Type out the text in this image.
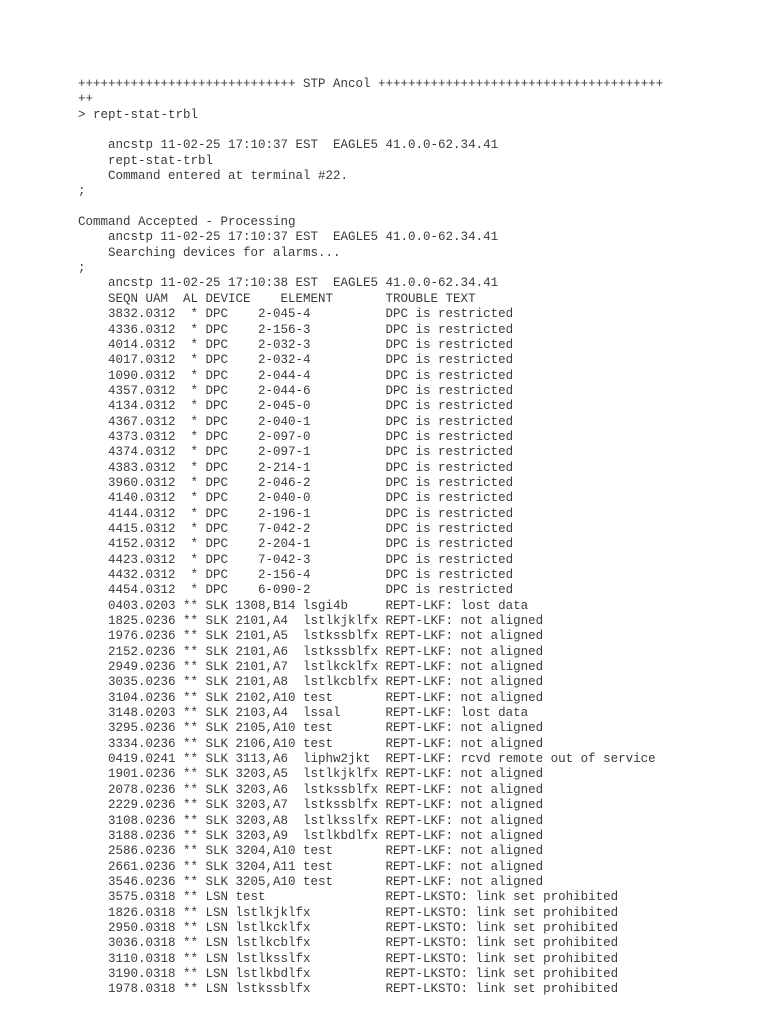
+++++++++++++++++++++++++++++ STP Ancol ++++++++++++++++++++++++++++++++++++++
++
> rept-stat-trbl
ancstp 11-02-25 17:10:37 EST  EAGLE5 41.0.0-62.34.41
rept-stat-trbl
Command entered at terminal #22.
;
Command Accepted - Processing
ancstp 11-02-25 17:10:37 EST  EAGLE5 41.0.0-62.34.41
Searching devices for alarms...
;
ancstp 11-02-25 17:10:38 EST  EAGLE5 41.0.0-62.34.41
SEQN UAM  AL DEVICE    ELEMENT       TROUBLE TEXT
3832.0312  * DPC    2-045-4          DPC is restricted
4336.0312  * DPC    2-156-3          DPC is restricted
4014.0312  * DPC    2-032-3          DPC is restricted
4017.0312  * DPC    2-032-4          DPC is restricted
1090.0312  * DPC    2-044-4          DPC is restricted
4357.0312  * DPC    2-044-6          DPC is restricted
4134.0312  * DPC    2-045-0          DPC is restricted
4367.0312  * DPC    2-040-1          DPC is restricted
4373.0312  * DPC    2-097-0          DPC is restricted
4374.0312  * DPC    2-097-1          DPC is restricted
4383.0312  * DPC    2-214-1          DPC is restricted
3960.0312  * DPC    2-046-2          DPC is restricted
4140.0312  * DPC    2-040-0          DPC is restricted
4144.0312  * DPC    2-196-1          DPC is restricted
4415.0312  * DPC    7-042-2          DPC is restricted
4152.0312  * DPC    2-204-1          DPC is restricted
4423.0312  * DPC    7-042-3          DPC is restricted
4432.0312  * DPC    2-156-4          DPC is restricted
4454.0312  * DPC    6-090-2          DPC is restricted
0403.0203 ** SLK 1308,B14 lsgi4b     REPT-LKF: lost data
1825.0236 ** SLK 2101,A4  lstlkjklfx REPT-LKF: not aligned
1976.0236 ** SLK 2101,A5  lstkssblfx REPT-LKF: not aligned
2152.0236 ** SLK 2101,A6  lstkssblfx REPT-LKF: not aligned
2949.0236 ** SLK 2101,A7  lstlkcklfx REPT-LKF: not aligned
3035.0236 ** SLK 2101,A8  lstlkcblfx REPT-LKF: not aligned
3104.0236 ** SLK 2102,A10 test       REPT-LKF: not aligned
3148.0203 ** SLK 2103,A4  lssal      REPT-LKF: lost data
3295.0236 ** SLK 2105,A10 test       REPT-LKF: not aligned
3334.0236 ** SLK 2106,A10 test       REPT-LKF: not aligned
0419.0241 ** SLK 3113,A6  liphw2jkt  REPT-LKF: rcvd remote out of service
1901.0236 ** SLK 3203,A5  lstlkjklfx REPT-LKF: not aligned
2078.0236 ** SLK 3203,A6  lstkssblfx REPT-LKF: not aligned
2229.0236 ** SLK 3203,A7  lstkssblfx REPT-LKF: not aligned
3108.0236 ** SLK 3203,A8  lstlksslfx REPT-LKF: not aligned
3188.0236 ** SLK 3203,A9  lstlkbdlfx REPT-LKF: not aligned
2586.0236 ** SLK 3204,A10 test       REPT-LKF: not aligned
2661.0236 ** SLK 3204,A11 test       REPT-LKF: not aligned
3546.0236 ** SLK 3205,A10 test       REPT-LKF: not aligned
3575.0318 ** LSN test                REPT-LKSTO: link set prohibited
1826.0318 ** LSN lstlkjklfx          REPT-LKSTO: link set prohibited
2950.0318 ** LSN lstlkcklfx          REPT-LKSTO: link set prohibited
3036.0318 ** LSN lstlkcblfx          REPT-LKSTO: link set prohibited
3110.0318 ** LSN lstlksslfx          REPT-LKSTO: link set prohibited
3190.0318 ** LSN lstlkbdlfx          REPT-LKSTO: link set prohibited
1978.0318 ** LSN lstkssblfx          REPT-LKSTO: link set prohibited
